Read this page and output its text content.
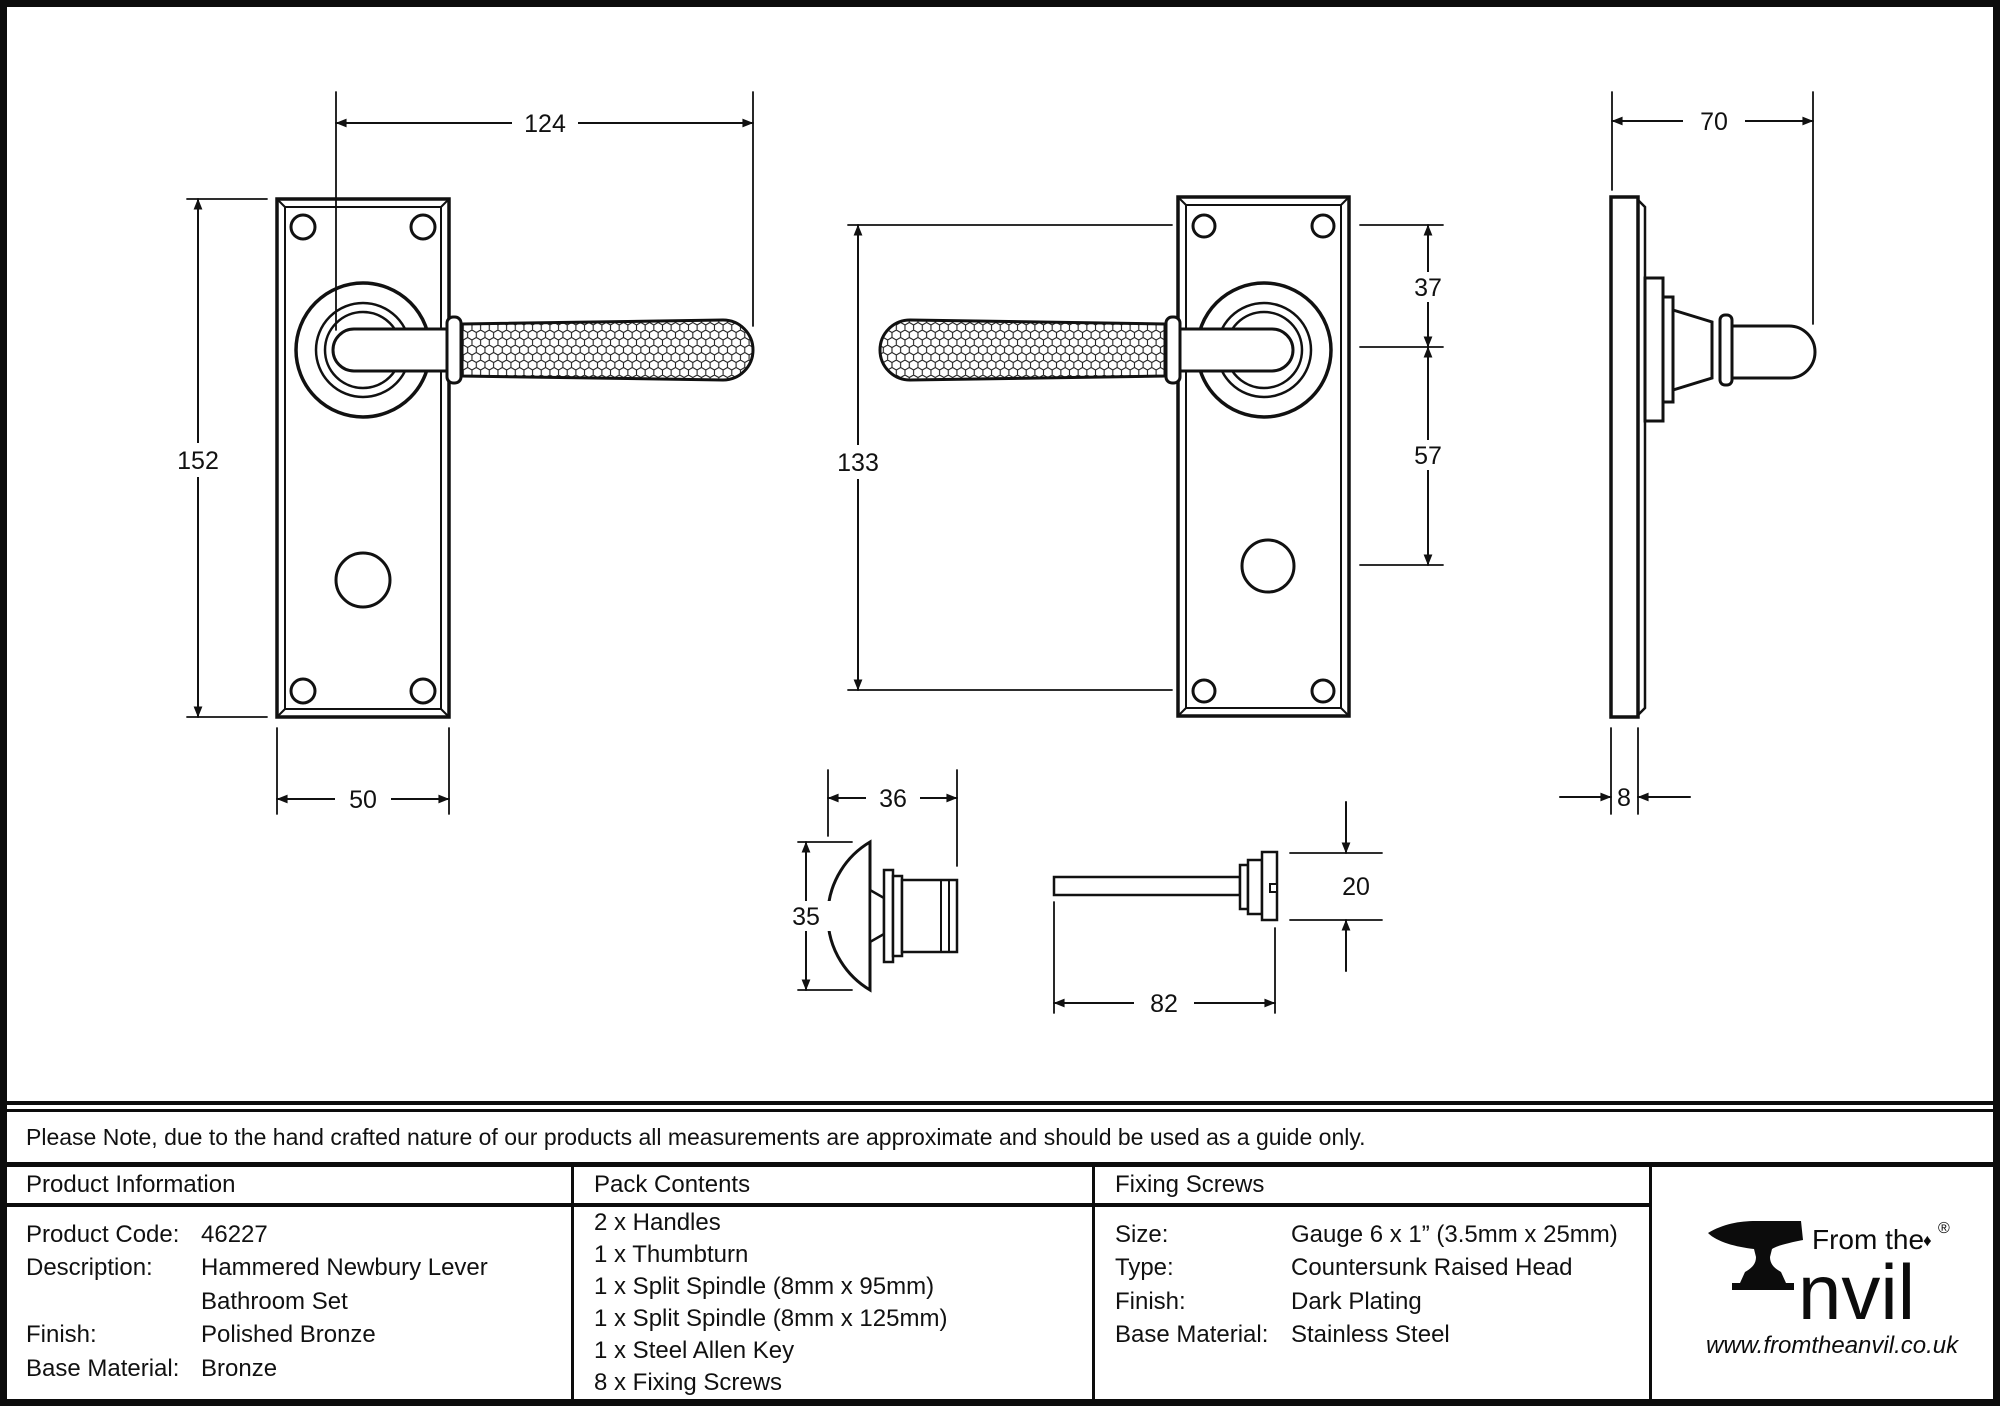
124
152
50
133
37
57
70
8
36
35
82
20
Please Note, due to the hand crafted nature of our products all measurements are approximate and should be used as a guide only.
Product Information	Pack Contents	Fixing Screws
Product Code: 46227
Description:	Hammered Newbury Lever
Bathroom Set
Finish:	Polished Bronze
Base Material: Bronze
2 x Handles
1 x Thumbturn
1 x Split Spindle (8mm x 95mm)
1 x Split Spindle (8mm x 125mm)
1 x Steel Allen Key
8 x Fixing Screws
Size:	Gauge 6 x 1” (3.5mm x 25mm)
Type:	Countersunk Raised Head
Finish:	Dark Plating
Base Material: Stainless Steel
From the
♦
®
nvil
www.fromtheanvil.co.uk
